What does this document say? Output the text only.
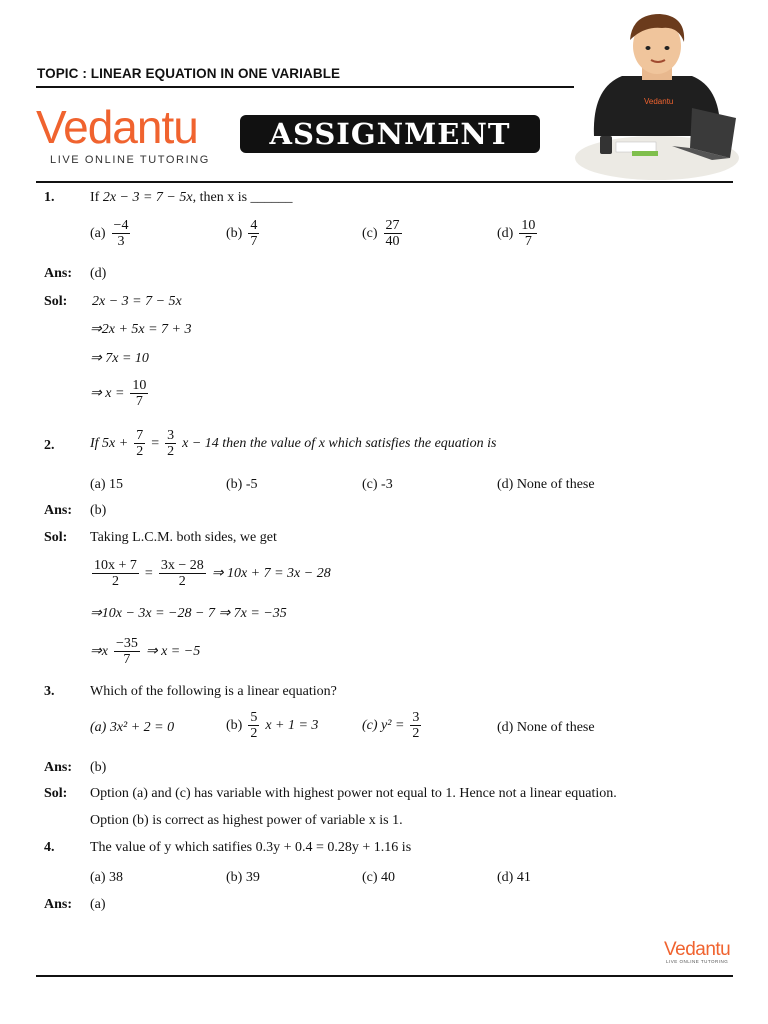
TOPIC : LINEAR EQUATION IN ONE VARIABLE
Vedantu
LIVE ONLINE TUTORING
ASSIGNMENT
Vedantu
1.	If 2x − 3 = 7 − 5x, then x is ______
$(a) \frac{-4}{3}$	$(b) \frac{4}{7}$	$(c) \frac{27}{40}$	$(d) \frac{10}{7}$
Ans: (d)
Sol: 2x − 3 = 7 − 5x
⇒2x + 5x = 7 + 3
⇒ 7x = 10
⇒ $x = \frac{10}{7}$
2.	If $5x + \frac{7}{2} = \frac{3}{2}$ x − 14 then the value of x which satisfies the equation is
(a) 15	(b) -5	(c) -3	(d) None of these
Ans: (b)
Sol: Taking L.C.M. both sides, we get
$\frac{10x + 7}{2} = \frac{3x - 28}{2}$ ⇒ 10x + 7 = 3x − 28
⇒10x − 3x = −28 − 7 ⇒ 7x = −35
⇒x $\frac{-35}{7}$ ⇒ x = −5
3.	Which of the following is a linear equation?
(a) 3x² + 2 = 0	$(b) \frac{5}{2}$ x + 1 = 3	(c) $y^2 = \frac{3}{2}$	(d) None of these
Ans: (b)
Sol: Option (a) and (c) has variable with highest power not equal to 1. Hence not a linear equation.
Option (b) is correct as highest power of variable x is 1.
4.	The value of y which satifies 0.3y + 0.4 = 0.28y + 1.16 is
(a) 38	(b) 39	(c) 40	(d) 41
Ans: (a)
Vedantu
LIVE ONLINE TUTORING
